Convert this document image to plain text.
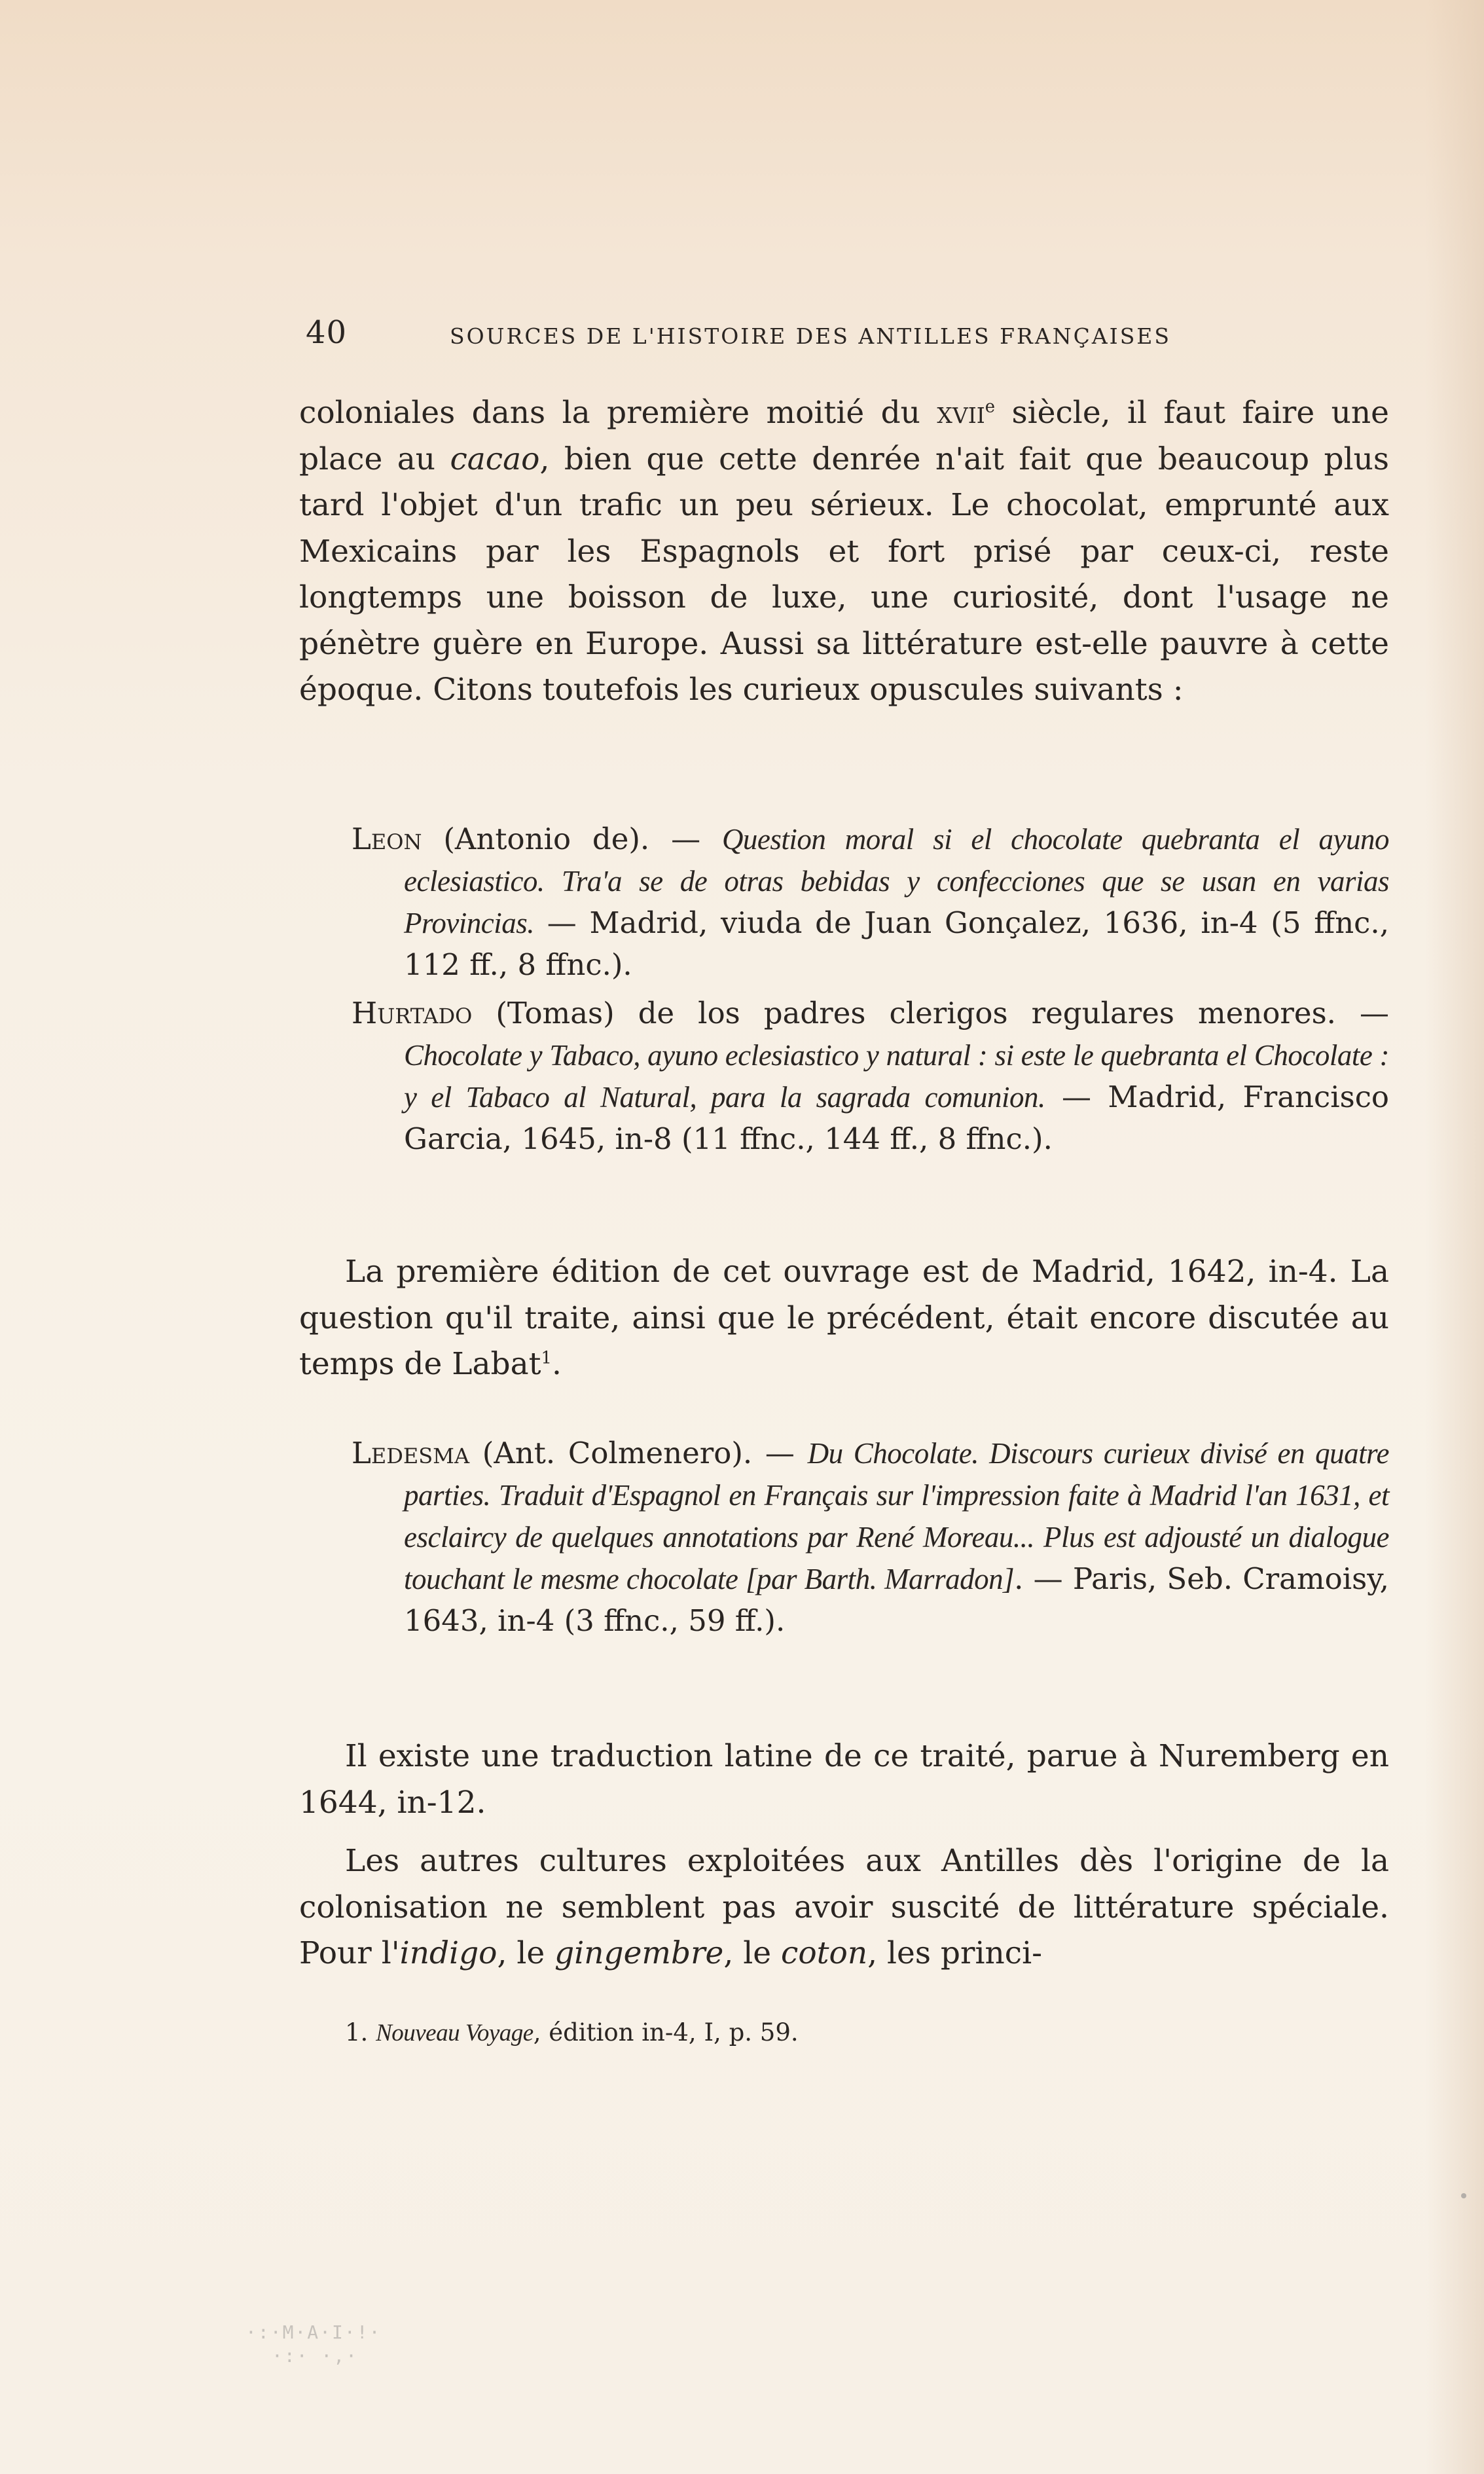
40	SOURCES DE L'HISTOIRE DES ANTILLES FRANÇAISES

coloniales dans la première moitié du xvii$^e$ siècle, il faut faire une place au cacao, bien que cette denrée n'ait fait que beaucoup plus tard l'objet d'un trafic un peu sérieux. Le chocolat, emprunté aux Mexicains par les Espagnols et fort prisé par ceux-ci, reste longtemps une boisson de luxe, une curiosité, dont l'usage ne pénètre guère en Europe. Aussi sa littérature est-elle pauvre à cette époque. Citons toutefois les curieux opuscules suivants :

Leon (Antonio de). — Question moral si el chocolate quebranta el ayuno eclesiastico. Tra'a se de otras bebidas y confecciones que se usan en varias Provincias. — Madrid, viuda de Juan Gonçalez, 1636, in-4 (5 ffnc., 112 ff., 8 ffnc.).

Hurtado (Tomas) de los padres clerigos regulares menores. — Chocolate y Tabaco, ayuno eclesiastico y natural : si este le quebranta el Chocolate : y el Tabaco al Natural, para la sagrada comunion. — Madrid, Francisco Garcia, 1645, in-8 (11 ffnc., 144 ff., 8 ffnc.).

La première édition de cet ouvrage est de Madrid, 1642, in-4. La question qu'il traite, ainsi que le précédent, était encore discutée au temps de Labat$^1$.

Ledesma (Ant. Colmenero). — Du Chocolate. Discours curieux divisé en quatre parties. Traduit d'Espagnol en Français sur l'impression faite à Madrid l'an 1631, et esclaircy de quelques annotations par René Moreau... Plus est adjousté un dialogue touchant le mesme chocolate [par Barth. Marradon]. — Paris, Seb. Cramoisy, 1643, in-4 (3 ffnc., 59 ff.).

Il existe une traduction latine de ce traité, parue à Nuremberg en 1644, in-12.

Les autres cultures exploitées aux Antilles dès l'origine de la colonisation ne semblent pas avoir suscité de littérature spéciale. Pour l'indigo, le gingembre, le coton, les princi-

1. Nouveau Voyage, édition in-4, I, p. 59.
·:·M·A·I·!·
·:· ·,·
